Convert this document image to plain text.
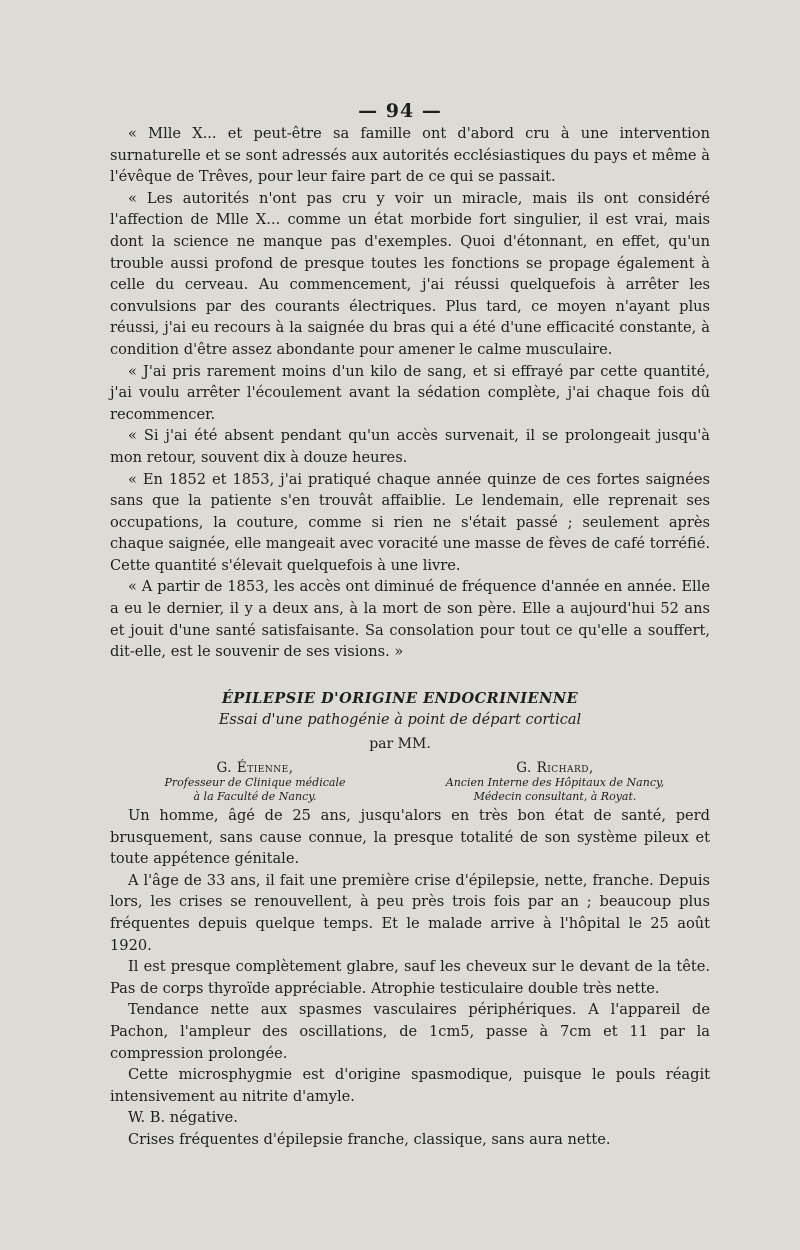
— 94 —

« Mlle X... et peut-être sa famille ont d'abord cru à une intervention surnaturelle et se sont adressés aux autorités ecclésiastiques du pays et même à l'évêque de Trêves, pour leur faire part de ce qui se passait.

« Les autorités n'ont pas cru y voir un miracle, mais ils ont considéré l'affection de Mlle X... comme un état morbide fort singulier, il est vrai, mais dont la science ne manque pas d'exemples. Quoi d'étonnant, en effet, qu'un trouble aussi profond de presque toutes les fonctions se propage également à celle du cerveau. Au commencement, j'ai réussi quelquefois à arrêter les convulsions par des courants électriques. Plus tard, ce moyen n'ayant plus réussi, j'ai eu recours à la saignée du bras qui a été d'une efficacité constante, à condition d'être assez abondante pour amener le calme musculaire.

« J'ai pris rarement moins d'un kilo de sang, et si effrayé par cette quantité, j'ai voulu arrêter l'écoulement avant la sédation complète, j'ai chaque fois dû recommencer.

« Si j'ai été absent pendant qu'un accès survenait, il se prolongeait jusqu'à mon retour, souvent dix à douze heures.

« En 1852 et 1853, j'ai pratiqué chaque année quinze de ces fortes saignées sans que la patiente s'en trouvât affaiblie. Le lendemain, elle reprenait ses occupations, la couture, comme si rien ne s'était passé ; seulement après chaque saignée, elle mangeait avec voracité une masse de fèves de café torréfié. Cette quantité s'élevait quelquefois à une livre.

« A partir de 1853, les accès ont diminué de fréquence d'année en année. Elle a eu le dernier, il y a deux ans, à la mort de son père. Elle a aujourd'hui 52 ans et jouit d'une santé satisfaisante. Sa consolation pour tout ce qu'elle a souffert, dit-elle, est le souvenir de ses visions. »

ÉPILEPSIE D'ORIGINE ENDOCRINIENNE
Essai d'une pathogénie à point de départ cortical
par MM.
G. Étienne,
Professeur de Clinique médicale
à la Faculté de Nancy.
G. Richard,
Ancien Interne des Hôpitaux de Nancy,
Médecin consultant, à Royat.

Un homme, âgé de 25 ans, jusqu'alors en très bon état de santé, perd brusquement, sans cause connue, la presque totalité de son système pileux et toute appétence génitale.

A l'âge de 33 ans, il fait une première crise d'épilepsie, nette, franche. Depuis lors, les crises se renouvellent, à peu près trois fois par an ; beaucoup plus fréquentes depuis quelque temps. Et le malade arrive à l'hôpital le 25 août 1920.

Il est presque complètement glabre, sauf les cheveux sur le devant de la tête. Pas de corps thyroïde appréciable. Atrophie testiculaire double très nette.

Tendance nette aux spasmes vasculaires périphériques. A l'appareil de Pachon, l'ampleur des oscillations, de 1cm5, passe à 7cm et 11 par la compression prolongée.

Cette microsphygmie est d'origine spasmodique, puisque le pouls réagit intensivement au nitrite d'amyle.

W. B. négative.

Crises fréquentes d'épilepsie franche, classique, sans aura nette.
